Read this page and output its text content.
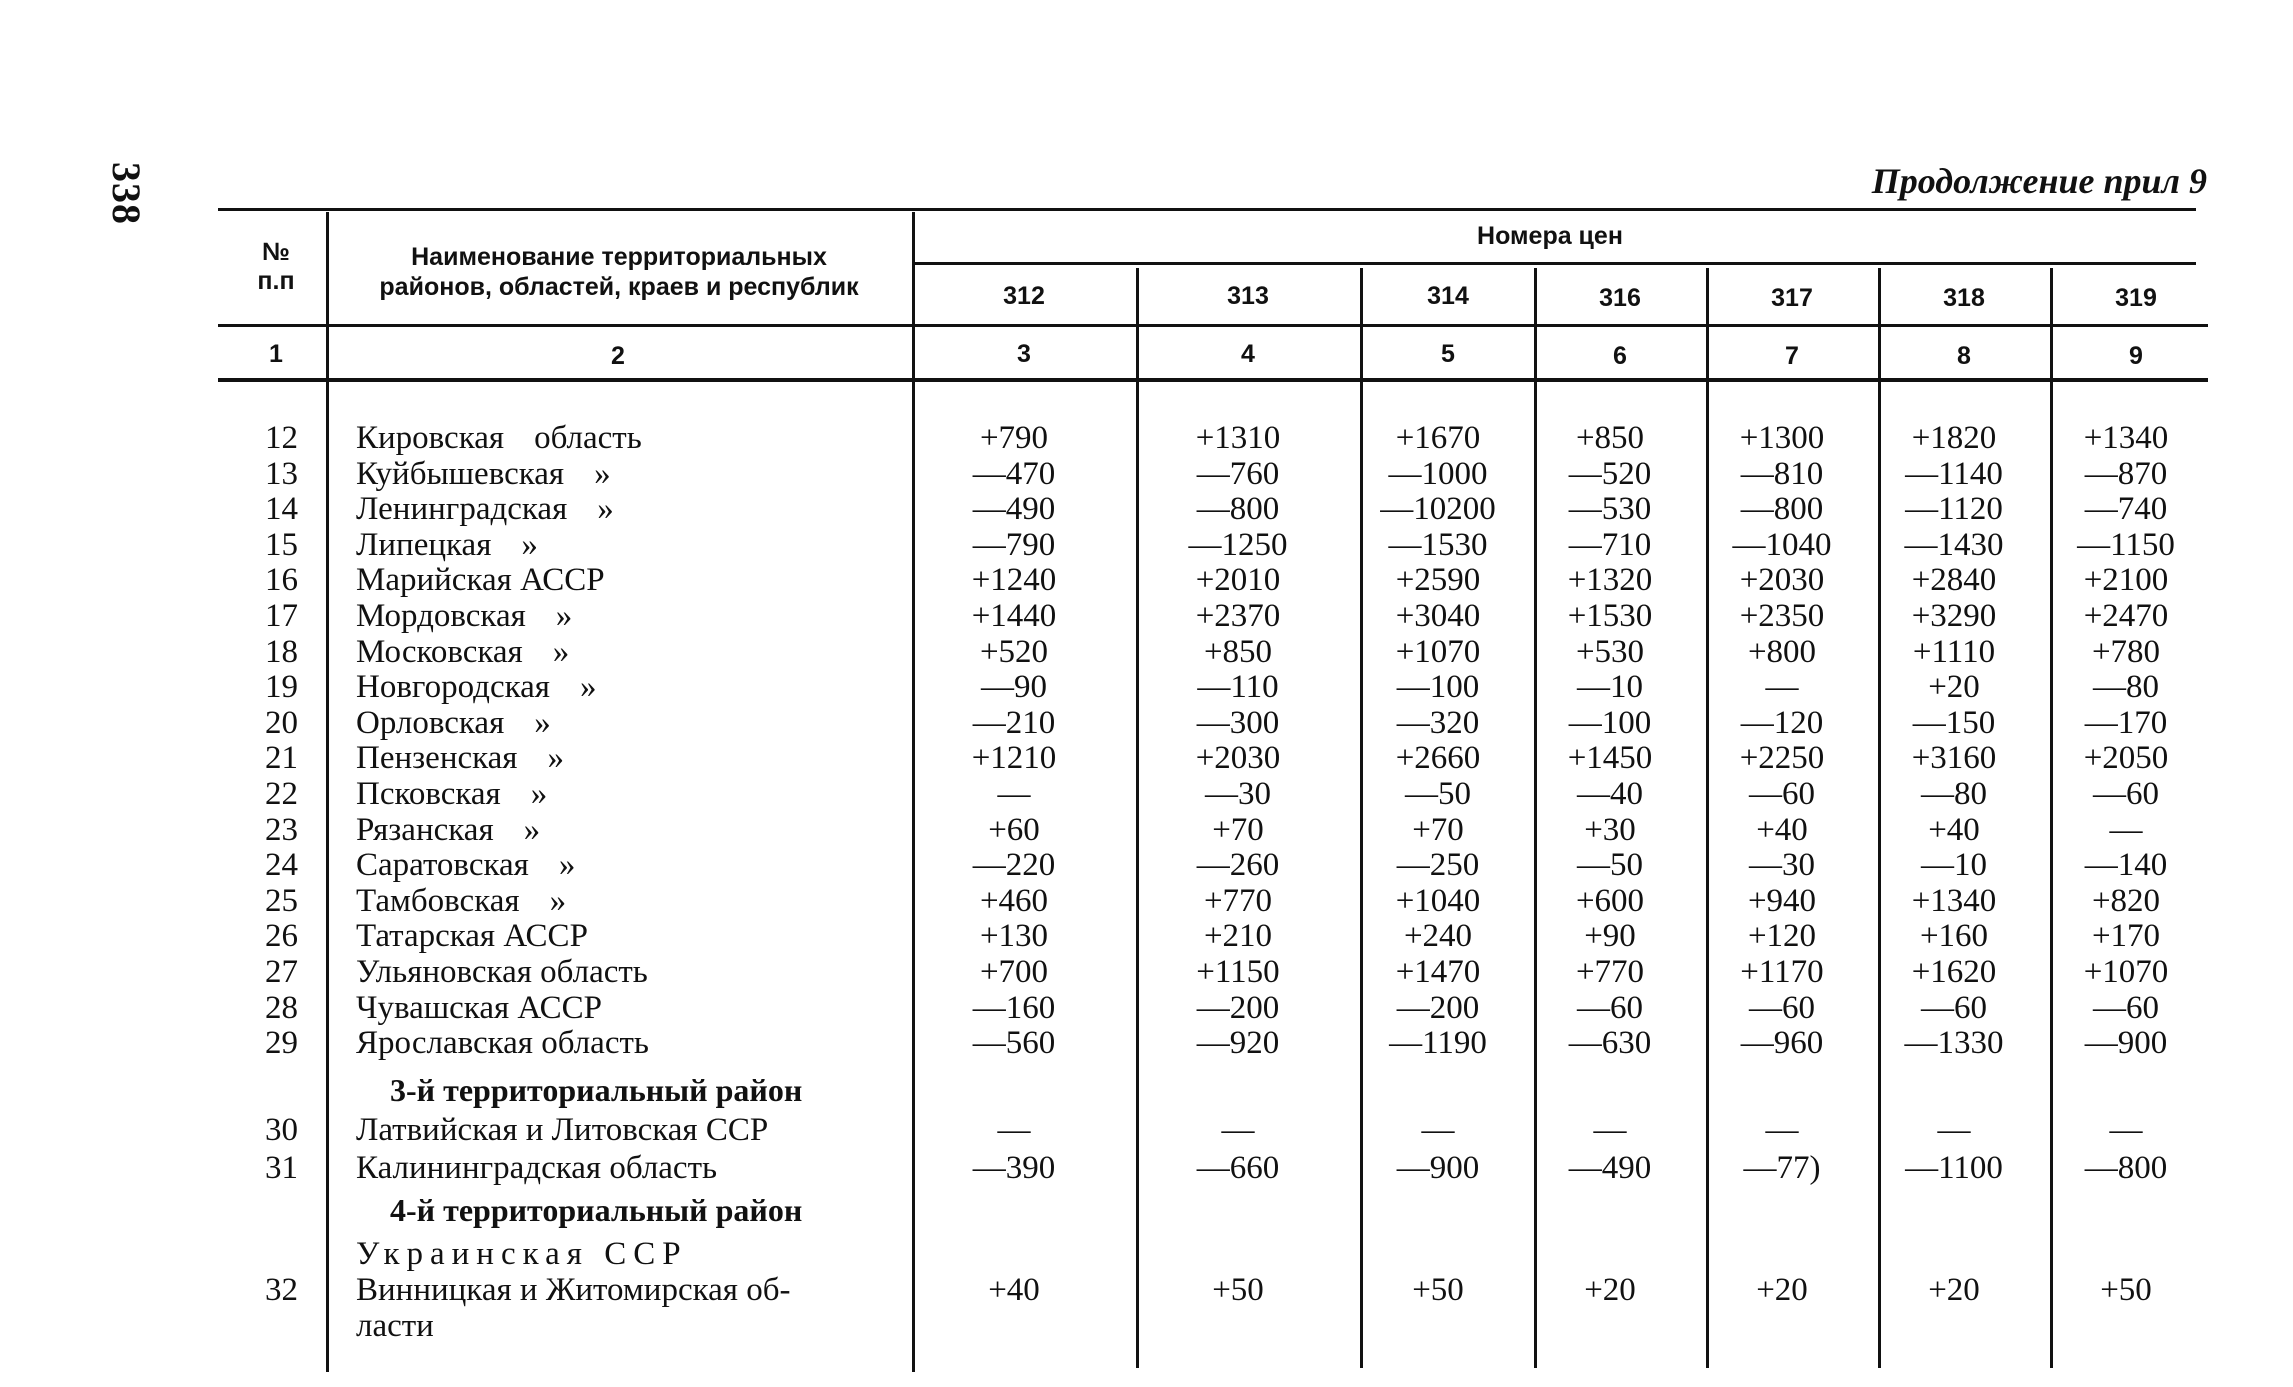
338	Продолжение прил 9
№
п.п
Наименование территориальных
районов, областей, краев и республик
Номера цен
312	313	314	316	317	318	319
1	2	3	4	5	6	7	8	9
12 Кировская область	+790	+1310	+1670	+850	+1300	+1820	+1340
13 Куйбышевская »	—470	—760	—1000	—520	—810	—1140	—870
14 Ленинградская »	—490	—800	—10200	—530	—800	—1120	—740
15 Липецкая »	—790	—1250	—1530	—710	—1040	—1430	—1150
16 Марийская АССР	+1240	+2010	+2590	+1320	+2030	+2840	+2100
17 Мордовская »	+1440	+2370	+3040	+1530	+2350	+3290	+2470
18 Московская »	+520	+850	+1070	+530	+800	+1110	+780
19 Новгородская »	—90	—110	—100	—10	—	+20	—80
20 Орловская »	—210	—300	—320	—100	—120	—150	—170
21 Пензенская »	+1210	+2030	+2660	+1450	+2250	+3160	+2050
22 Псковская »	—	—30	—50	—40	—60	—80	—60
23 Рязанская »	+60	+70	+70	+30	+40	+40	—
24 Саратовская »	—220	—260	—250	—50	—30	—10	—140
25 Тамбовская »	+460	+770	+1040	+600	+940	+1340	+820
26 Татарская АССР	+130	+210	+240	+90	+120	+160	+170
27 Ульяновская область	+700	+1150	+1470	+770	+1170	+1620	+1070
28 Чувашская АССР	—160	—200	—200	—60	—60	—60	—60
29 Ярославская область	—560	—920	—1190	—630	—960	—1330	—900
30 Латвийская и Литовская ССР	—	—	—	—	—	—	—
31 Калининградская область	—390	—660	—900	—490	—77)	—1100	—800
3-й территориальный район
4-й территориальный район
Украинская ССР
32 Винницкая и Житомирская об-	+40	+50	+50	+20	+20	+20	+50
ласти
